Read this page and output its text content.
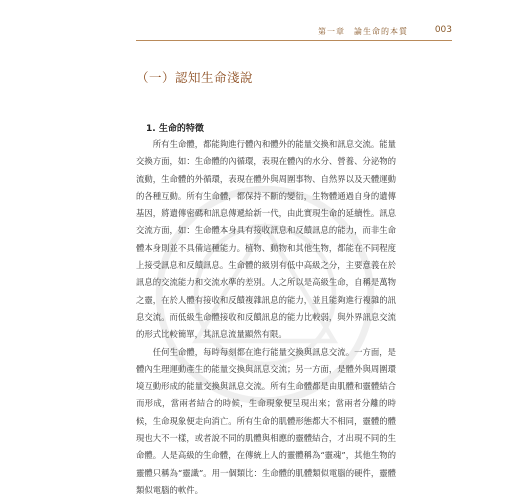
第一章　論生命的本質	003
（一）認知生命淺說
1. 生命的特徵

所有生命體，都能夠進行體內和體外的能量交換和訊息交流。能量交換方面，如：生命體的內循環，表現在體內的水分、營養、分泌物的流動，生命體的外循環，表現在體外與周圍事物、自然界以及天體運動的各種互動。所有生命體，都保持不斷的變衍，生物體通過自身的遺傳基因，將遺傳密碼和訊息傳遞給新一代，由此實現生命的延續性。訊息交流方面，如：生命體本身具有接收訊息和反饋訊息的能力，而非生命體本身則並不具備這種能力。植物、動物和其他生物，都能在不同程度上接受訊息和反饋訊息。生命體的級別有低中高級之分，主要意義在於訊息的交流能力和交流水準的差別。人之所以是高級生命，自稱是萬物之靈，在於人體有接收和反饋複雜訊息的能力，並且能夠進行複雜的訊息交流。而低級生命體接收和反饋訊息的能力比較弱，與外界訊息交流的形式比較簡單，其訊息流量顯然有限。

任何生命體，每時每刻都在進行能量交換與訊息交流。一方面，是體內生理運動產生的能量交換與訊息交流；另一方面，是體外與周圍環境互動形成的能量交換與訊息交流。所有生命體都是由肌體和靈體結合而形成，當兩者結合的時候，生命現象便呈現出來；當兩者分離的時候，生命現象便走向消亡。所有生命的肌體形態都大不相同，靈體的體現也大不一樣，或者說不同的肌體與相應的靈體結合，才出現不同的生命體。人是高級的生命體，在傳統上人的靈體稱為“靈魂”，其他生物的靈體只稱為“靈識”。用一個類比：生命體的肌體類似電腦的硬件，靈體類似電腦的軟件。
